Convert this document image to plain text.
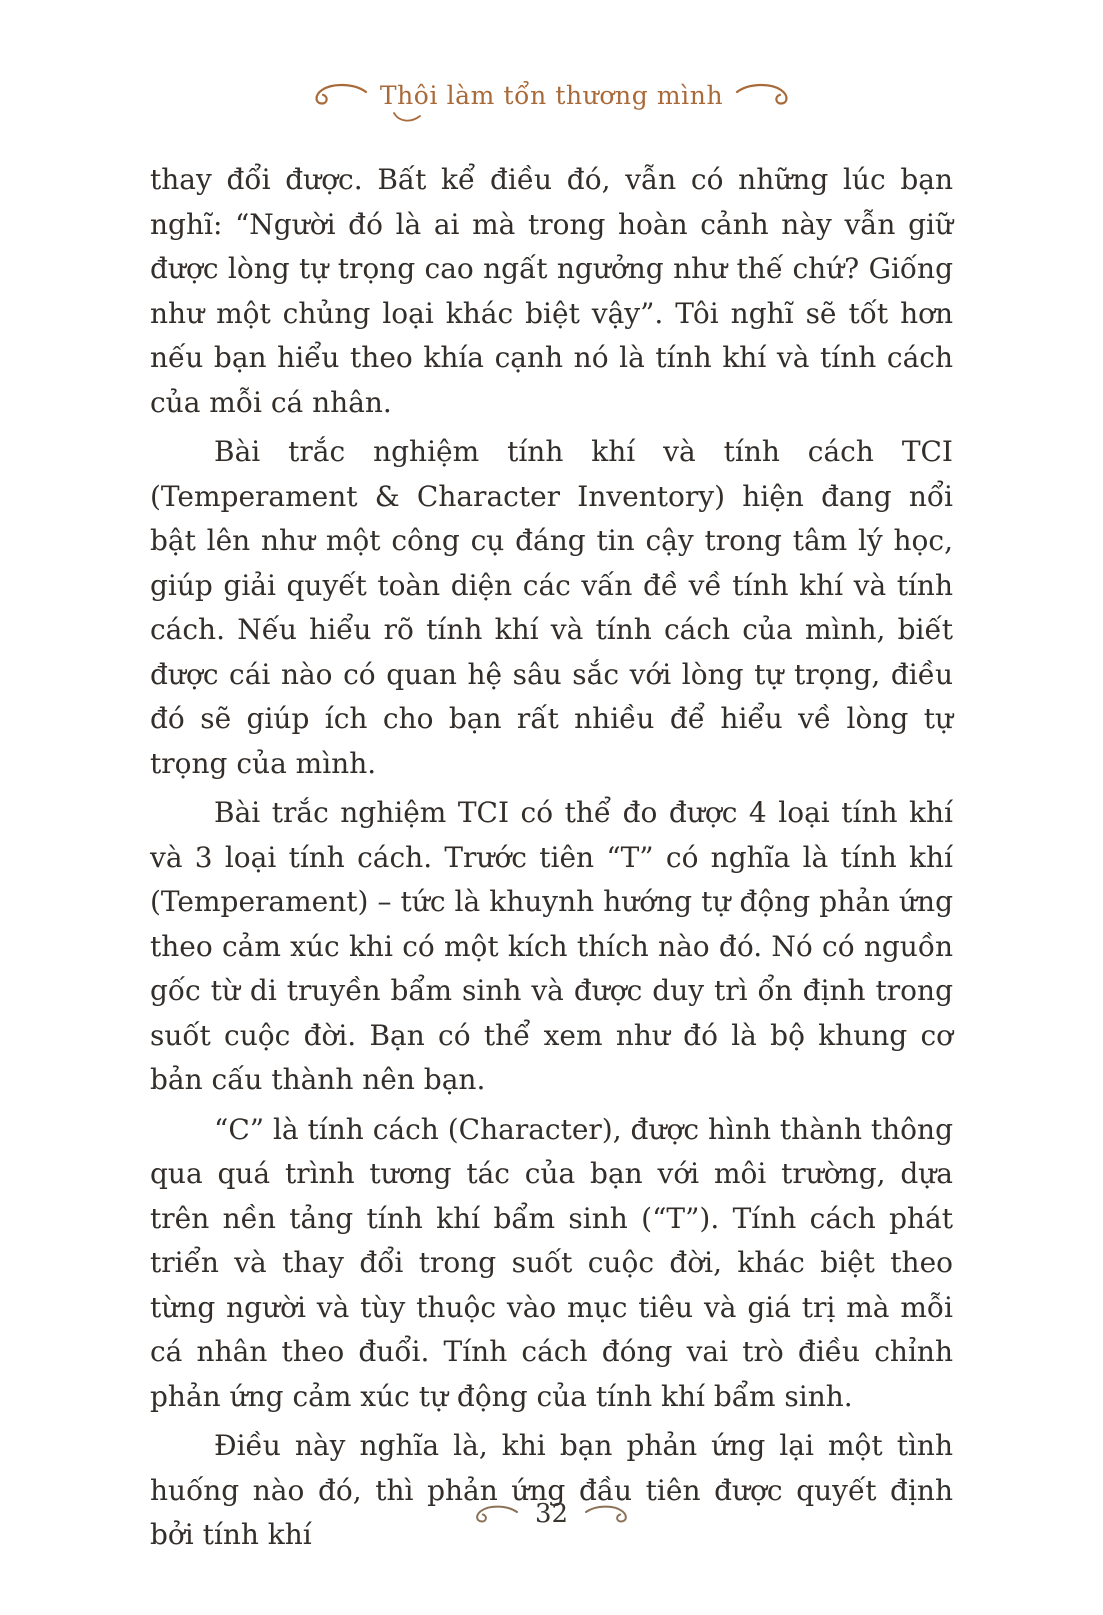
Thôi làm tổn thương mình

thay đổi được. Bất kể điều đó, vẫn có những lúc bạn nghĩ: “Người đó là ai mà trong hoàn cảnh này vẫn giữ được lòng tự trọng cao ngất ngưởng như thế chứ? Giống như một chủng loại khác biệt vậy”. Tôi nghĩ sẽ tốt hơn nếu bạn hiểu theo khía cạnh nó là tính khí và tính cách của mỗi cá nhân.

Bài trắc nghiệm tính khí và tính cách TCI (Temperament & Character Inventory) hiện đang nổi bật lên như một công cụ đáng tin cậy trong tâm lý học, giúp giải quyết toàn diện các vấn đề về tính khí và tính cách. Nếu hiểu rõ tính khí và tính cách của mình, biết được cái nào có quan hệ sâu sắc với lòng tự trọng, điều đó sẽ giúp ích cho bạn rất nhiều để hiểu về lòng tự trọng của mình.

Bài trắc nghiệm TCI có thể đo được 4 loại tính khí và 3 loại tính cách. Trước tiên “T” có nghĩa là tính khí (Temperament) – tức là khuynh hướng tự động phản ứng theo cảm xúc khi có một kích thích nào đó. Nó có nguồn gốc từ di truyền bẩm sinh và được duy trì ổn định trong suốt cuộc đời. Bạn có thể xem như đó là bộ khung cơ bản cấu thành nên bạn.

“C” là tính cách (Character), được hình thành thông qua quá trình tương tác của bạn với môi trường, dựa trên nền tảng tính khí bẩm sinh (“T”). Tính cách phát triển và thay đổi trong suốt cuộc đời, khác biệt theo từng người và tùy thuộc vào mục tiêu và giá trị mà mỗi cá nhân theo đuổi. Tính cách đóng vai trò điều chỉnh phản ứng cảm xúc tự động của tính khí bẩm sinh.

Điều này nghĩa là, khi bạn phản ứng lại một tình huống nào đó, thì phản ứng đầu tiên được quyết định bởi tính khí

32
